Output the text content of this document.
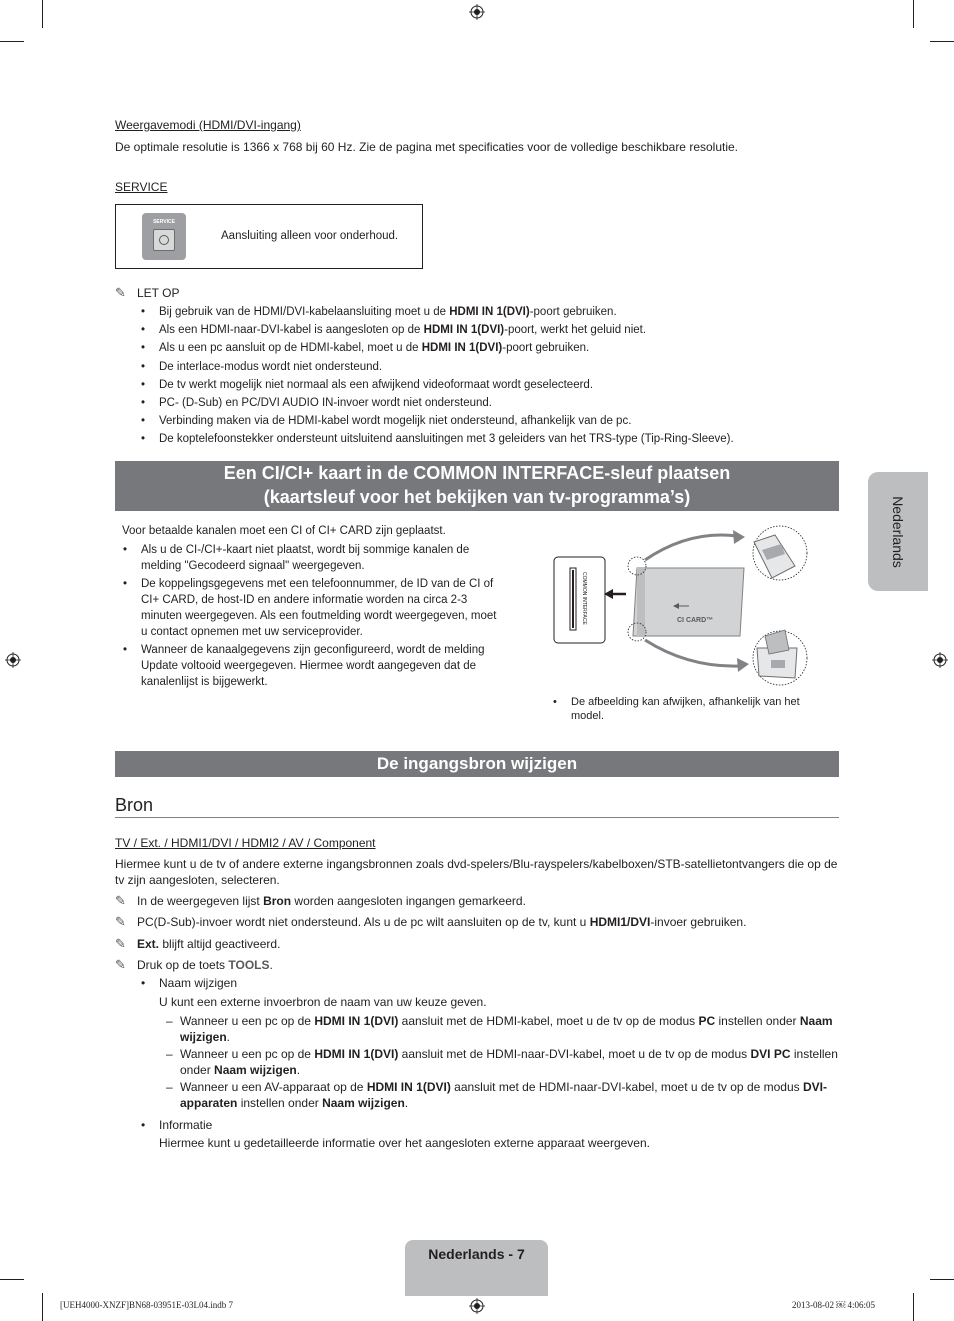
Weergavemodi (HDMI/DVI-ingang)
De optimale resolutie is 1366 x 768 bij 60 Hz. Zie de pagina met specificaties voor de volledige beschikbare resolutie.
SERVICE
SERVICE
Aansluiting alleen voor onderhoud.
✎ LET OP
• Bij gebruik van de HDMI/DVI-kabelaansluiting moet u de HDMI IN 1(DVI)-poort gebruiken.
• Als een HDMI-naar-DVI-kabel is aangesloten op de HDMI IN 1(DVI)-poort, werkt het geluid niet.
• Als u een pc aansluit op de HDMI-kabel, moet u de HDMI IN 1(DVI)-poort gebruiken.
• De interlace-modus wordt niet ondersteund.
• De tv werkt mogelijk niet normaal als een afwijkend videoformaat wordt geselecteerd.
• PC- (D-Sub) en PC/DVI AUDIO IN-invoer wordt niet ondersteund.
• Verbinding maken via de HDMI-kabel wordt mogelijk niet ondersteund, afhankelijk van de pc.
• De koptelefoonstekker ondersteunt uitsluitend aansluitingen met 3 geleiders van het TRS-type (Tip-Ring-Sleeve).
Een CI/CI+ kaart in de COMMON INTERFACE-sleuf plaatsen
(kaartsleuf voor het bekijken van tv-programma’s)
Voor betaalde kanalen moet een CI of CI+ CARD zijn geplaatst.
• Als u de CI-/CI+-kaart niet plaatst, wordt bij sommige kanalen de melding "Gecodeerd signaal" weergegeven.
• De koppelingsgegevens met een telefoonnummer, de ID van de CI of CI+ CARD, de host-ID en andere informatie worden na circa 2-3 minuten weergegeven. Als een foutmelding wordt weergegeven, moet u contact opnemen met uw serviceprovider.
• Wanneer de kanaalgegevens zijn geconfigureerd, wordt de melding Update voltooid weergegeven. Hiermee wordt aangegeven dat de kanalenlijst is bijgewerkt.
COMMON INTERFACE	CI CARD™
• De afbeelding kan afwijken, afhankelijk van het model.
De ingangsbron wijzigen
Bron
TV / Ext. / HDMI1/DVI / HDMI2 / AV / Component
Hiermee kunt u de tv of andere externe ingangsbronnen zoals dvd-spelers/Blu-rayspelers/kabelboxen/STB-satellietontvangers die op de tv zijn aangesloten, selecteren.
✎ In de weergegeven lijst Bron worden aangesloten ingangen gemarkeerd.
✎ PC(D-Sub)-invoer wordt niet ondersteund. Als u de pc wilt aansluiten op de tv, kunt u HDMI1/DVI-invoer gebruiken.
✎ Ext. blijft altijd geactiveerd.
✎ Druk op de toets TOOLS.
• Naam wijzigen
U kunt een externe invoerbron de naam van uw keuze geven.
– Wanneer u een pc op de HDMI IN 1(DVI) aansluit met de HDMI-kabel, moet u de tv op de modus PC instellen onder Naam wijzigen.
– Wanneer u een pc op de HDMI IN 1(DVI) aansluit met de HDMI-naar-DVI-kabel, moet u de tv op de modus DVI PC instellen onder Naam wijzigen.
– Wanneer u een AV-apparaat op de HDMI IN 1(DVI) aansluit met de HDMI-naar-DVI-kabel, moet u de tv op de modus DVI-apparaten instellen onder Naam wijzigen.
• Informatie
Hiermee kunt u gedetailleerde informatie over het aangesloten externe apparaat weergeven.
Nederlands
Nederlands - 7
[UEH4000-XNZF]BN68-03951E-03L04.indb 7	2013-08-02 ￼ 4:06:05
